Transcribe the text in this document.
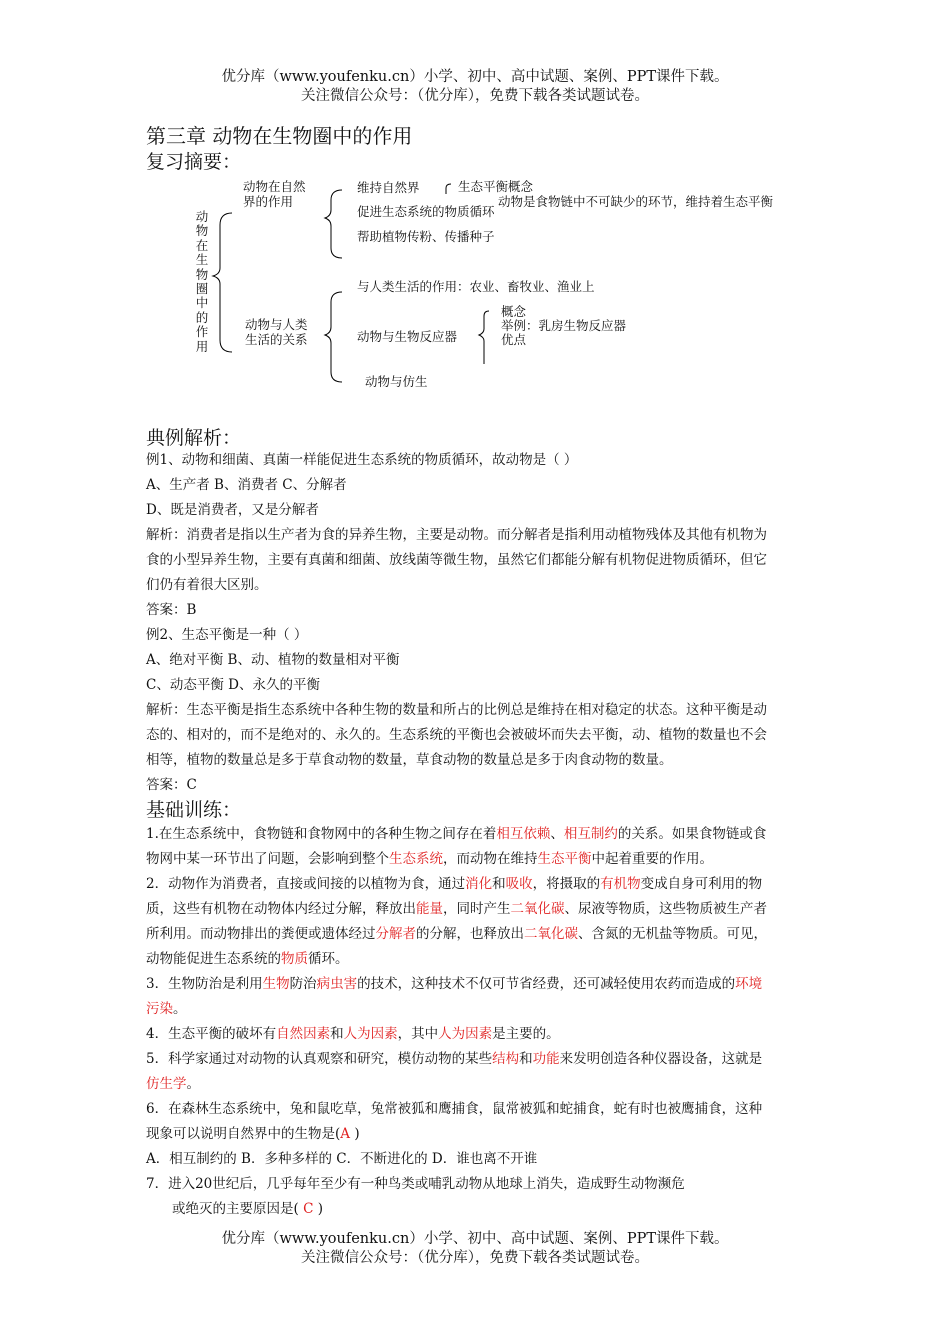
优分库（www.youfenku.cn）小学、初中、高中试题、案例、PPT课件下载。
关注微信公众号：（优分库），免费下载各类试题试卷。
第三章 动物在生物圈中的作用
复习摘要：
动物在生物圈中的作用
动物在自然
界的作用
维持自然界	生态平衡概念
动物是食物链中不可缺少的环节，维持着生态平衡
促进生态系统的物质循环
帮助植物传粉、传播种子
动物与人类
生活的关系
与人类生活的作用：农业、畜牧业、渔业上
动物与生物反应器
概念
举例：乳房生物反应器
优点
动物与仿生
典例解析：
例1、动物和细菌、真菌一样能促进生态系统的物质循环，故动物是（ ）
A、生产者 B、消费者 C、分解者
D、既是消费者，又是分解者
解析：消费者是指以生产者为食的异养生物，主要是动物。而分解者是指利用动植物残体及其他有机物为
食的小型异养生物，主要有真菌和细菌、放线菌等微生物，虽然它们都能分解有机物促进物质循环，但它
们仍有着很大区别。
答案：B
例2、生态平衡是一种（ ）
A、绝对平衡 B、动、植物的数量相对平衡
C、动态平衡 D、永久的平衡
解析：生态平衡是指生态系统中各种生物的数量和所占的比例总是维持在相对稳定的状态。这种平衡是动
态的、相对的，而不是绝对的、永久的。生态系统的平衡也会被破坏而失去平衡，动、植物的数量也不会
相等，植物的数量总是多于草食动物的数量，草食动物的数量总是多于肉食动物的数量。
答案：C
基础训练：
1.在生态系统中，食物链和食物网中的各种生物之间存在着相互依赖、相互制约的关系。如果食物链或食
物网中某一环节出了问题，会影响到整个生态系统，而动物在维持生态平衡中起着重要的作用。
2．动物作为消费者，直接或间接的以植物为食，通过消化和吸收，将摄取的有机物变成自身可利用的物
质，这些有机物在动物体内经过分解，释放出能量，同时产生二氧化碳、尿液等物质，这些物质被生产者
所利用。而动物排出的粪便或遗体经过分解者的分解，也释放出二氧化碳、含氮的无机盐等物质。可见，
动物能促进生态系统的物质循环。
3．生物防治是利用生物防治病虫害的技术，这种技术不仅可节省经费，还可减轻使用农药而造成的环境
污染。
4．生态平衡的破坏有自然因素和人为因素，其中人为因素是主要的。
5．科学家通过对动物的认真观察和研究，模仿动物的某些结构和功能来发明创造各种仪器设备，这就是
仿生学。
6．在森林生态系统中，兔和鼠吃草，兔常被狐和鹰捕食，鼠常被狐和蛇捕食，蛇有时也被鹰捕食，这种
现象可以说明自然界中的生物是(A )
A．相互制约的 B．多种多样的 C．不断进化的 D．谁也离不开谁
7．进入20世纪后，几乎每年至少有一种鸟类或哺乳动物从地球上消失，造成野生动物濒危
或绝灭的主要原因是( C )
优分库（www.youfenku.cn）小学、初中、高中试题、案例、PPT课件下载。
关注微信公众号：（优分库），免费下载各类试题试卷。
